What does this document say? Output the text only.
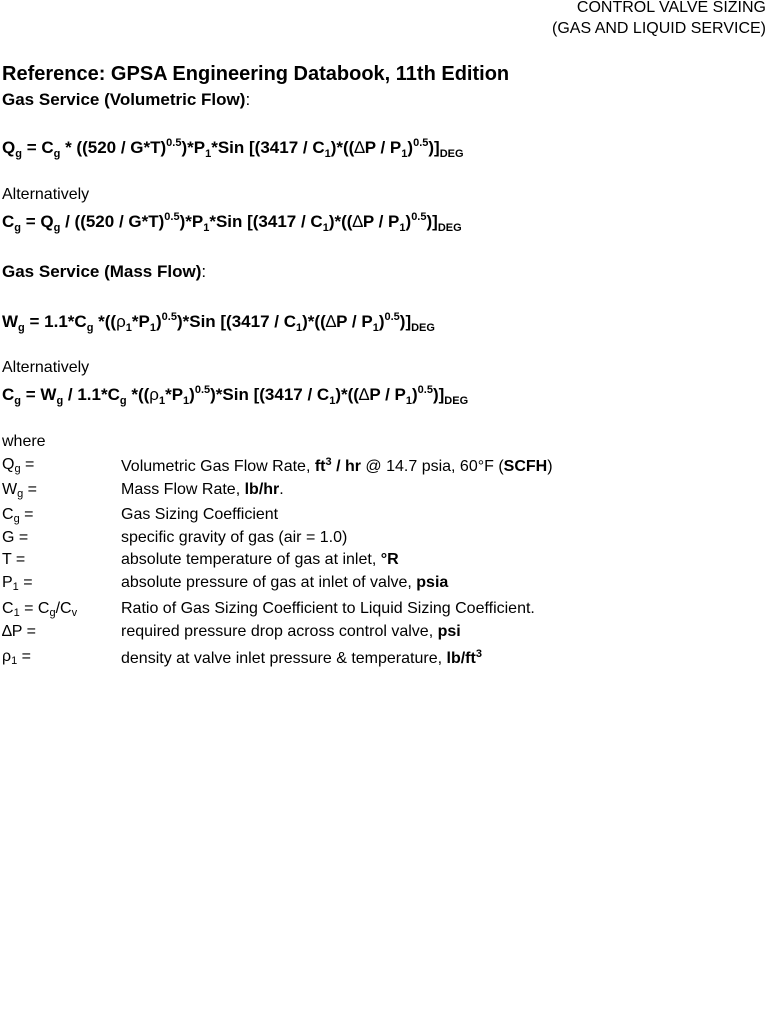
CONTROL VALVE SIZING
(GAS AND LIQUID SERVICE)
Reference: GPSA Engineering Databook, 11th Edition
Gas Service (Volumetric Flow):
$Q_g = C_g * ((520 / G*T)^{0.5})*P_1*Sin$ $[(3417 / C_1)*((\Delta P / P_1)^{0.5})]_{DEG}$
Alternatively
$C_g = Q_g / ((520 / G*T)^{0.5})*P_1*Sin$ $[(3417 / C_1)*((\Delta P / P_1)^{0.5})]_{DEG}$
Gas Service (Mass Flow):
$W_g = 1.1*C_g$ $*((\rho_1*P_1)^{0.5})*Sin$ $[(3417 / C_1)*((\Delta P / P_1)^{0.5})]_{DEG}$
Alternatively
$C_g = W_g / 1.1*C_g$ $*((\rho_1*P_1)^{0.5})*Sin$ $[(3417 / C_1)*((\Delta P / P_1)^{0.5})]_{DEG}$
where
$Q_g$ =	Volumetric Gas Flow Rate, $ft^3$ / hr @ 14.7 psia, 60°F (SCFH)
$W_g$ =	Mass Flow Rate, lb/hr.
$C_g$ =	Gas Sizing Coefficient
G =	specific gravity of gas (air = 1.0)
T =	absolute temperature of gas at inlet, °R
$P_1$ =	absolute pressure of gas at inlet of valve, psia
$C_1 = C_g/C_v$	Ratio of Gas Sizing Coefficient to Liquid Sizing Coefficient.
∆P =	required pressure drop across control valve, psi
$\rho_1$ =	density at valve inlet pressure & temperature, $lb/ft^3$
